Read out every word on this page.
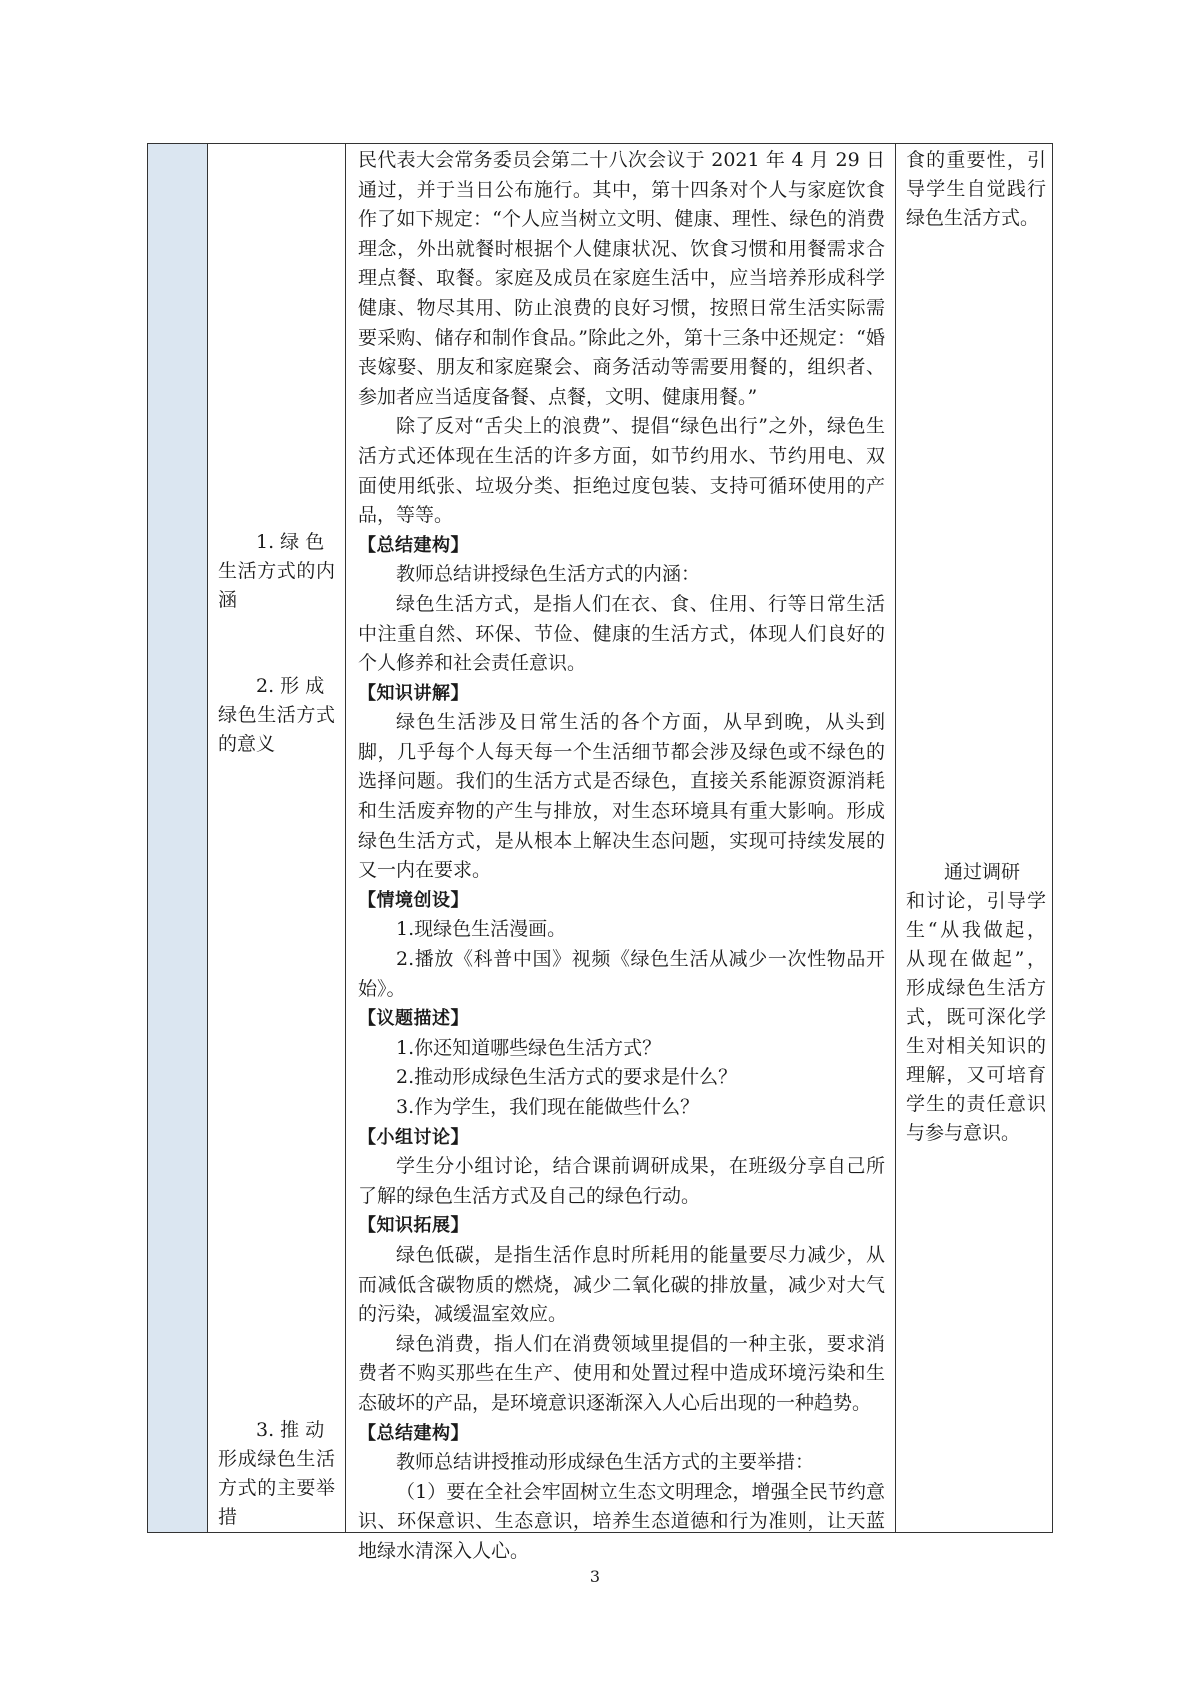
1. 绿 色
生活方式的内涵
2. 形 成
绿色生活方式的意义
3. 推 动
形成绿色生活方式的主要举措

民代表大会常务委员会第二十八次会议于 2021 年 4 月 29 日通过，并于当日公布施行。其中，第十四条对个人与家庭饮食作了如下规定：“个人应当树立文明、健康、理性、绿色的消费理念，外出就餐时根据个人健康状况、饮食习惯和用餐需求合理点餐、取餐。家庭及成员在家庭生活中，应当培养形成科学健康、物尽其用、防止浪费的良好习惯，按照日常生活实际需要采购、储存和制作食品。”除此之外，第十三条中还规定：“婚丧嫁娶、朋友和家庭聚会、商务活动等需要用餐的，组织者、参加者应当适度备餐、点餐，文明、健康用餐。”

除了反对“舌尖上的浪费”、提倡“绿色出行”之外，绿色生活方式还体现在生活的许多方面，如节约用水、节约用电、双面使用纸张、垃圾分类、拒绝过度包装、支持可循环使用的产品，等等。

【总结建构】

教师总结讲授绿色生活方式的内涵：

绿色生活方式，是指人们在衣、食、住用、行等日常生活中注重自然、环保、节俭、健康的生活方式，体现人们良好的个人修养和社会责任意识。

【知识讲解】

绿色生活涉及日常生活的各个方面，从早到晚，从头到脚，几乎每个人每天每一个生活细节都会涉及绿色或不绿色的选择问题。我们的生活方式是否绿色，直接关系能源资源消耗和生活废弃物的产生与排放，对生态环境具有重大影响。形成绿色生活方式，是从根本上解决生态问题，实现可持续发展的又一内在要求。

【情境创设】

1.现绿色生活漫画。

2.播放《科普中国》视频《绿色生活从减少一次性物品开始》。

【议题描述】

1.你还知道哪些绿色生活方式？

2.推动形成绿色生活方式的要求是什么？

3.作为学生，我们现在能做些什么？

【小组讨论】

学生分小组讨论，结合课前调研成果，在班级分享自己所了解的绿色生活方式及自己的绿色行动。

【知识拓展】

绿色低碳，是指生活作息时所耗用的能量要尽力减少，从而减低含碳物质的燃烧，减少二氧化碳的排放量，减少对大气的污染，减缓温室效应。

绿色消费，指人们在消费领域里提倡的一种主张，要求消费者不购买那些在生产、使用和处置过程中造成环境污染和生态破坏的产品，是环境意识逐渐深入人心后出现的一种趋势。

【总结建构】

教师总结讲授推动形成绿色生活方式的主要举措：

（1）要在全社会牢固树立生态文明理念，增强全民节约意识、环保意识、生态意识，培养生态道德和行为准则，让天蓝地绿水清深入人心。

食的重要性，引导学生自觉践行绿色生活方式。
通过调研
和讨论，引导学生“从我做起，从现在做起”，形成绿色生活方式，既可深化学生对相关知识的理解，又可培育学生的责任意识与参与意识。
3
